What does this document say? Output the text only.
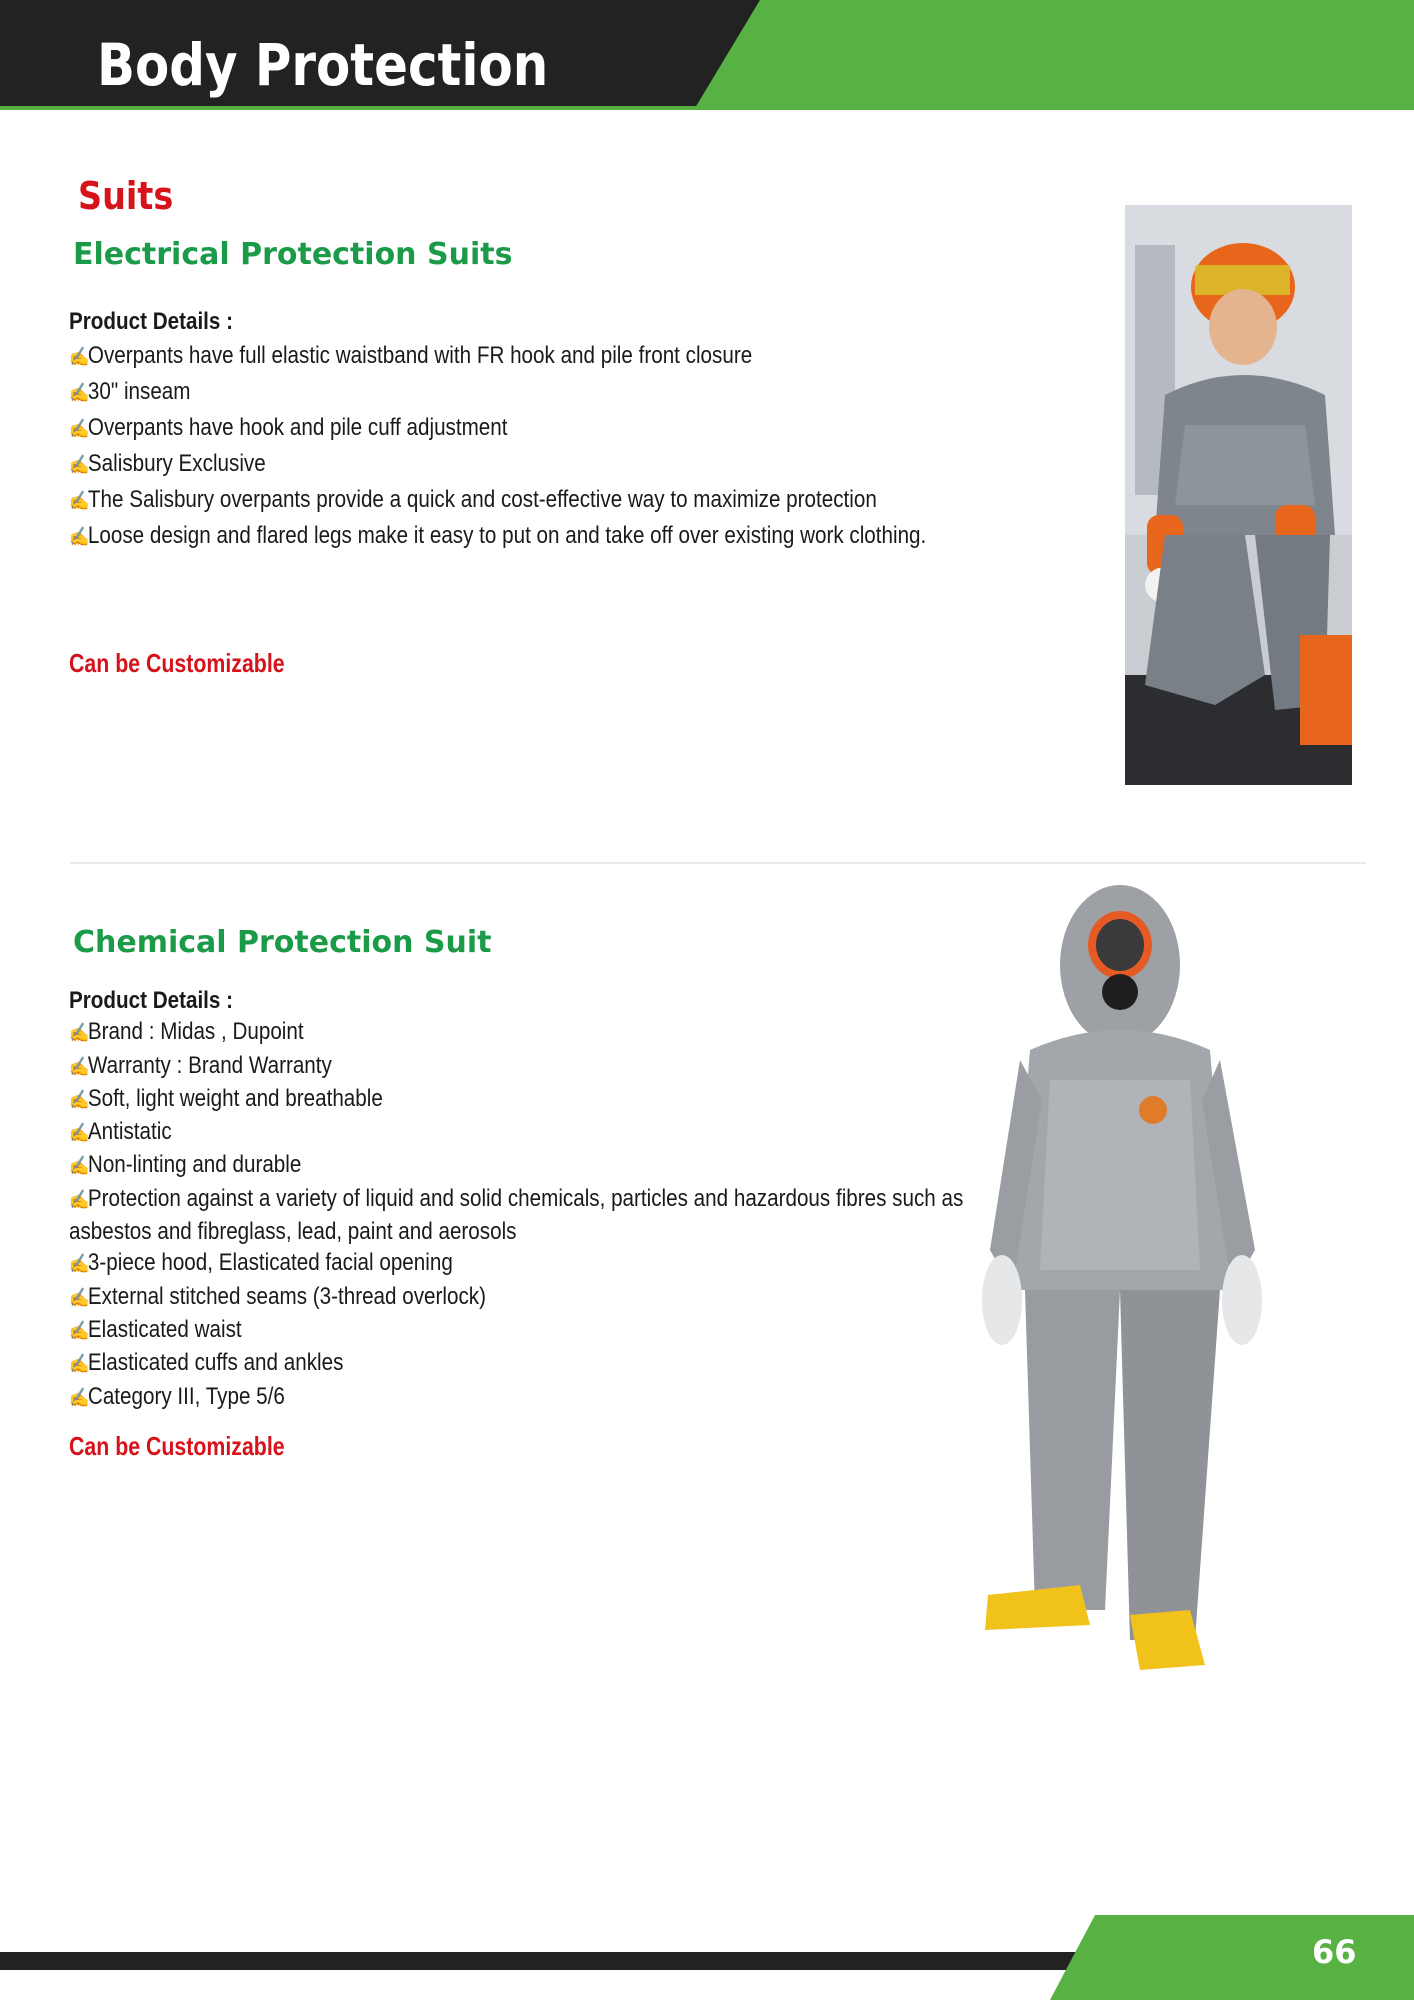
Body Protection
Suits
Electrical Protection Suits
Product Details :
✍Overpants have full elastic waistband with FR hook and pile front closure
✍30" inseam
✍Overpants have hook and pile cuff adjustment
✍Salisbury Exclusive
✍The Salisbury overpants provide a quick and cost-effective way to maximize protection
✍Loose design and flared legs make it easy to put on and take off over existing work clothing.
Can be Customizable
Chemical Protection Suit
Product Details :
✍Brand : Midas , Dupoint
✍Warranty : Brand Warranty
✍Soft, light weight and breathable
✍Antistatic
✍Non-linting and durable
✍Protection against a variety of liquid and solid chemicals, particles and hazardous fibres such as asbestos and fibreglass, lead, paint and aerosols
✍3-piece hood, Elasticated facial opening
✍External stitched seams (3-thread overlock)
✍Elasticated waist
✍Elasticated cuffs and ankles
✍Category III, Type 5/6
Can be Customizable
66
